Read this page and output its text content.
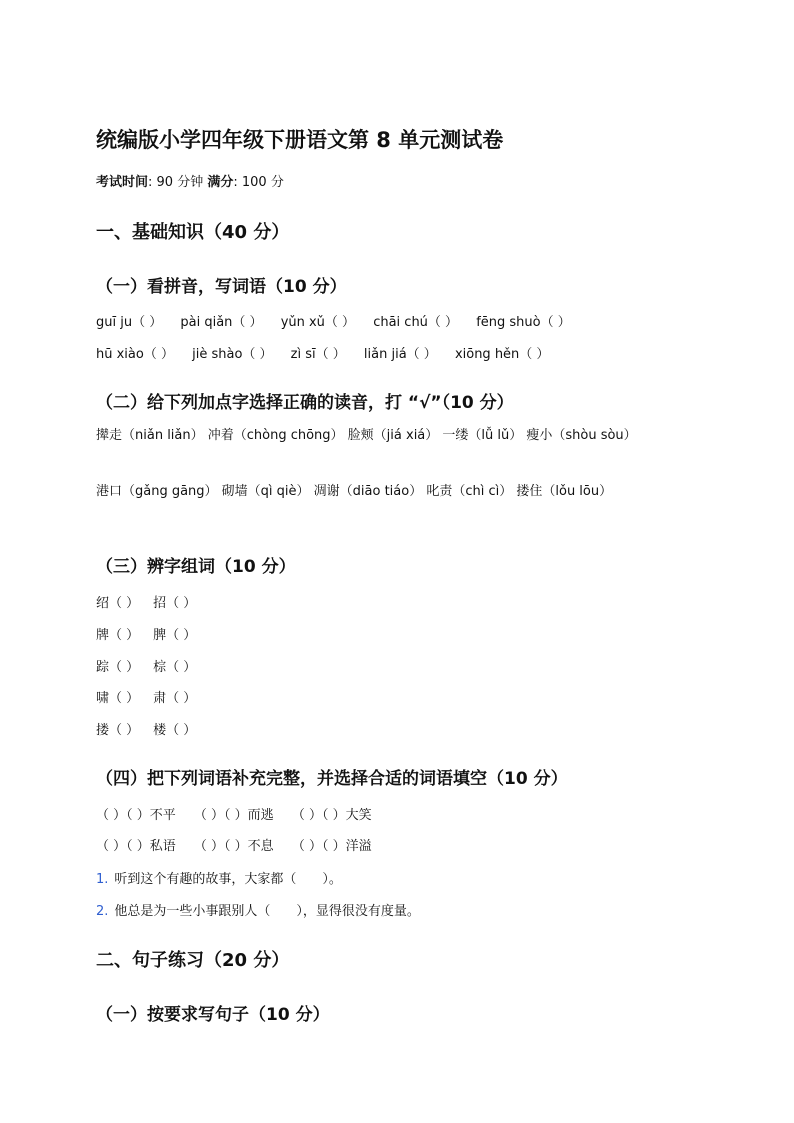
统编版小学四年级下册语文第 8 单元测试卷
考试时间: 90 分钟 满分: 100 分
一、基础知识（40 分）
（一）看拼音，写词语（10 分）
guī ju（ ） pài qiǎn（ ） yǔn xǔ（ ） chāi chú（ ） fēng shuò（ ）
hū xiào（ ） jiè shào（ ） zì sī（ ） liǎn jiá（ ） xiōng hěn（ ）
（二）给下列加点字选择正确的读音，打 “√”（10 分）
撵走（niǎn liǎn） 冲着（chòng chōng） 脸颊（jiá xiá） 一缕（lǚ lǔ） 瘦小（shòu sòu）
港口（gǎng gāng） 砌墙（qì qiè） 凋谢（diāo tiáo） 叱责（chì cì） 搂住（lǒu lōu）
（三）辨字组词（10 分）
绍（ ） 招（ ）
牌（ ） 脾（ ）
踪（ ） 棕（ ）
啸（ ） 肃（ ）
搂（ ） 楼（ ）
（四）把下列词语补充完整，并选择合适的词语填空（10 分）
（ ）（ ）不平 （ ）（ ）而逃 （ ）（ ）大笑
（ ）（ ）私语 （ ）（ ）不息 （ ）（ ）洋溢
1. 听到这个有趣的故事，大家都（　　）。
2. 他总是为一些小事跟别人（　　），显得很没有度量。
二、句子练习（20 分）
（一）按要求写句子（10 分）
